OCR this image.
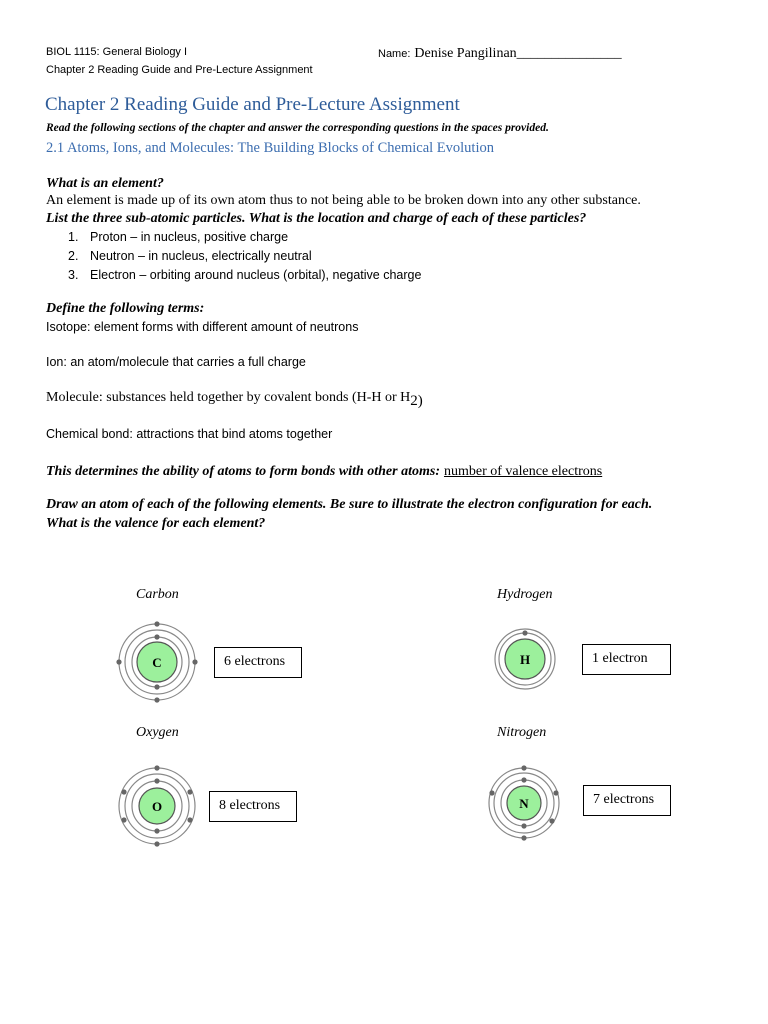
BIOL 1115: General Biology I
Chapter 2 Reading Guide and Pre-Lecture Assignment
Name: Denise Pangilinan_______________
Chapter 2 Reading Guide and Pre-Lecture Assignment
Read the following sections of the chapter and answer the corresponding questions in the spaces provided.
2.1 Atoms, Ions, and Molecules: The Building Blocks of Chemical Evolution
What is an element?
An element is made up of its own atom thus to not being able to be broken down into any other substance.
List the three sub-atomic particles. What is the location and charge of each of these particles?
1. Proton – in nucleus, positive charge
2. Neutron – in nucleus, electrically neutral
3. Electron – orbiting around nucleus (orbital), negative charge
Define the following terms:
Isotope: element forms with different amount of neutrons
Ion: an atom/molecule that carries a full charge
Molecule: substances held together by covalent bonds (H-H or H2)
Chemical bond: attractions that bind atoms together
This determines the ability of atoms to form bonds with other atoms: number of valence electrons
Draw an atom of each of the following elements. Be sure to illustrate the electron configuration for each.
What is the valence for each element?
Carbon
C	6 electrons
Hydrogen
H	1 electron
Oxygen
O	8 electrons
Nitrogen
N	7 electrons
